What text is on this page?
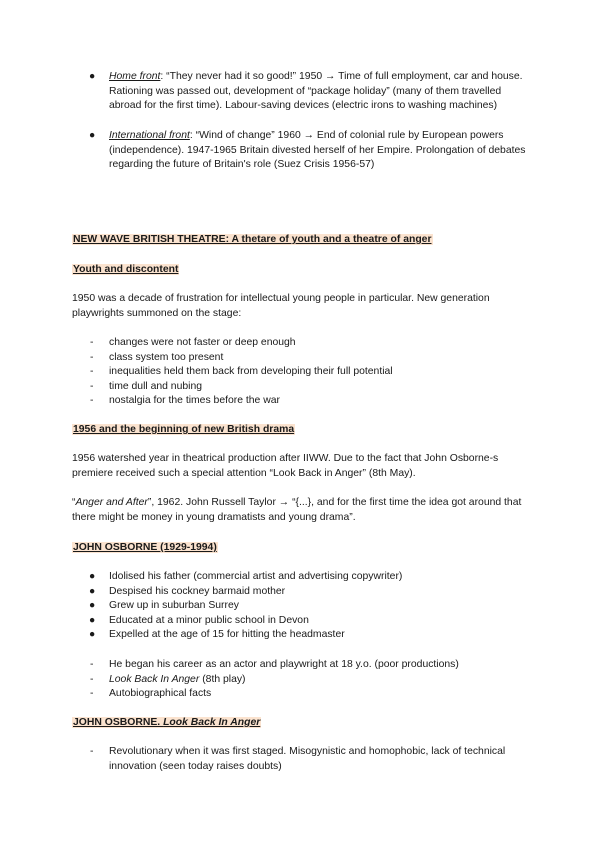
● Home front: “They never had it so good!” 1950 → Time of full employment, car and house. Rationing was passed out, development of “package holiday” (many of them travelled abroad for the first time). Labour-saving devices (electric irons to washing machines)
● International front: “Wind of change” 1960 → End of colonial rule by European powers (independence). 1947-1965 Britain divested herself of her Empire. Prolongation of debates regarding the future of Britain's role (Suez Crisis 1956-57)
NEW WAVE BRITISH THEATRE: A thetare of youth and a theatre of anger
Youth and discontent
1950 was a decade of frustration for intellectual young people in particular. New generation playwrights summoned on the stage:
- changes were not faster or deep enough
- class system too present
- inequalities held them back from developing their full potential
- time dull and nubing
- nostalgia for the times before the war
1956 and the beginning of new British drama
1956 watershed year in theatrical production after IIWW. Due to the fact that John Osborne-s premiere received such a special attention “Look Back in Anger” (8th May).
“Anger and After”, 1962. John Russell Taylor → “{...}, and for the first time the idea got around that there might be money in young dramatists and young drama”.
JOHN OSBORNE (1929-1994)
● Idolised his father (commercial artist and advertising copywriter)
● Despised his cockney barmaid mother
● Grew up in suburban Surrey
● Educated at a minor public school in Devon
● Expelled at the age of 15 for hitting the headmaster
- He began his career as an actor and playwright at 18 y.o. (poor productions)
- Look Back In Anger (8th play)
- Autobiographical facts
JOHN OSBORNE. Look Back In Anger
- Revolutionary when it was first staged. Misogynistic and homophobic, lack of technical innovation (seen today raises doubts)
